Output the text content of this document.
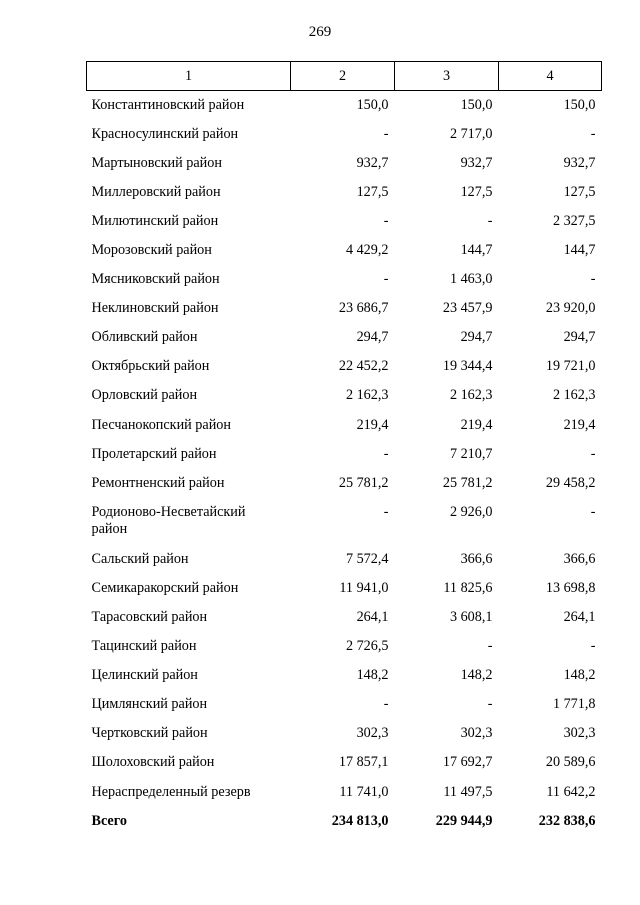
269
1	2	3	4
Константиновский район	150,0	150,0	150,0
Красносулинский район	-	2 717,0	-
Мартыновский район	932,7	932,7	932,7
Миллеровский район	127,5	127,5	127,5
Милютинский район	-	-	2 327,5
Морозовский район	4 429,2	144,7	144,7
Мясниковский район	-	1 463,0	-
Неклиновский район	23 686,7	23 457,9	23 920,0
Обливский район	294,7	294,7	294,7
Октябрьский район	22 452,2	19 344,4	19 721,0
Орловский район	2 162,3	2 162,3	2 162,3
Песчанокопский район	219,4	219,4	219,4
Пролетарский район	-	7 210,7	-
Ремонтненский район	25 781,2	25 781,2	29 458,2
Родионово-Несветайский район	-	2 926,0	-
Сальский район	7 572,4	366,6	366,6
Семикаракорский район	11 941,0	11 825,6	13 698,8
Тарасовский район	264,1	3 608,1	264,1
Тацинский район	2 726,5	-	-
Целинский район	148,2	148,2	148,2
Цимлянский район	-	-	1 771,8
Чертковский район	302,3	302,3	302,3
Шолоховский район	17 857,1	17 692,7	20 589,6
Нераспределенный резерв	11 741,0	11 497,5	11 642,2
Всего	234 813,0	229 944,9	232 838,6
